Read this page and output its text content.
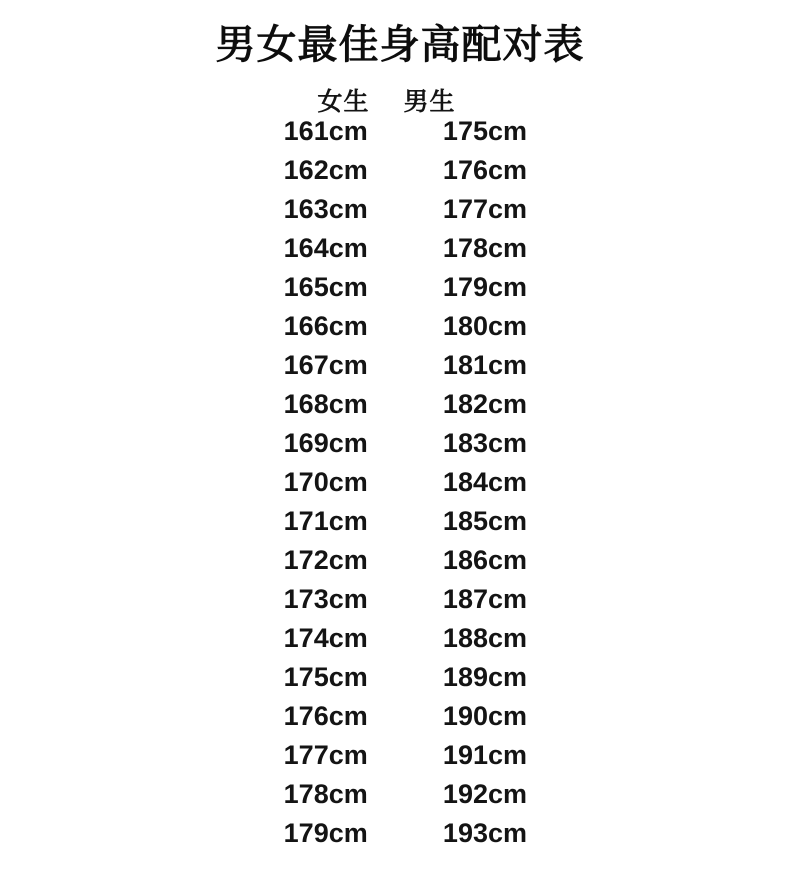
男女最佳身高配对表
女生	男生
161cm	175cm
162cm	176cm
163cm	177cm
164cm	178cm
165cm	179cm
166cm	180cm
167cm	181cm
168cm	182cm
169cm	183cm
170cm	184cm
171cm	185cm
172cm	186cm
173cm	187cm
174cm	188cm
175cm	189cm
176cm	190cm
177cm	191cm
178cm	192cm
179cm	193cm
